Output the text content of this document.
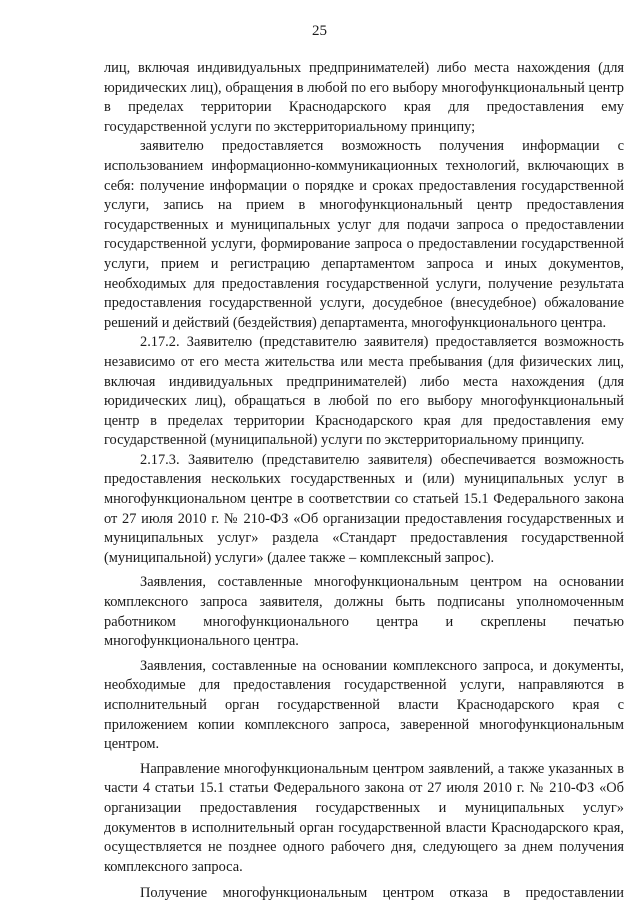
25

лиц, включая индивидуальных предпринимателей) либо места нахождения (для юридических лиц), обращения в любой по его выбору многофункциональный центр в пределах территории Краснодарского края для предоставления ему государственной услуги по экстерриториальному принципу;

заявителю предоставляется возможность получения информации с использованием информационно-коммуникационных технологий, включающих в себя: получение информации о порядке и сроках предоставления государственной услуги, запись на прием в многофункциональный центр предоставления государственных и муниципальных услуг для подачи запроса о предоставлении государственной услуги, формирование запроса о предоставлении государственной услуги, прием и регистрацию департаментом запроса и иных документов, необходимых для предоставления государственной услуги, получение результата предоставления государственной услуги, досудебное (внесудебное) обжалование решений и действий (бездействия) департамента, многофункционального центра.

2.17.2. Заявителю (представителю заявителя) предоставляется возможность независимо от его места жительства или места пребывания (для физических лиц, включая индивидуальных предпринимателей) либо места нахождения (для юридических лиц), обращаться в любой по его выбору многофункциональный центр в пределах территории Краснодарского края для предоставления ему государственной (муниципальной) услуги по экстерриториальному принципу.

2.17.3. Заявителю (представителю заявителя) обеспечивается возможность предоставления нескольких государственных и (или) муниципальных услуг в многофункциональном центре в соответствии со статьей 15.1 Федерального закона от 27 июля 2010 г. № 210-ФЗ «Об организации предоставления государственных и муниципальных услуг» раздела «Стандарт предоставления государственной (муниципальной) услуги» (далее также – комплексный запрос).

Заявления, составленные многофункциональным центром на основании комплексного запроса заявителя, должны быть подписаны уполномоченным работником многофункционального центра и скреплены печатью многофункционального центра.

Заявления, составленные на основании комплексного запроса, и документы, необходимые для предоставления государственной услуги, направляются в исполнительный орган государственной власти Краснодарского края с приложением копии комплексного запроса, заверенной многофункциональным центром.

Направление многофункциональным центром заявлений, а также указанных в части 4 статьи 15.1 статьи Федерального закона от 27 июля 2010 г. № 210-ФЗ «Об организации предоставления государственных и муниципальных услуг» документов в исполнительный орган государственной власти Краснодарского края, осуществляется не позднее одного рабочего дня, следующего за днем получения комплексного запроса.

Получение многофункциональным центром отказа в предоставлении
